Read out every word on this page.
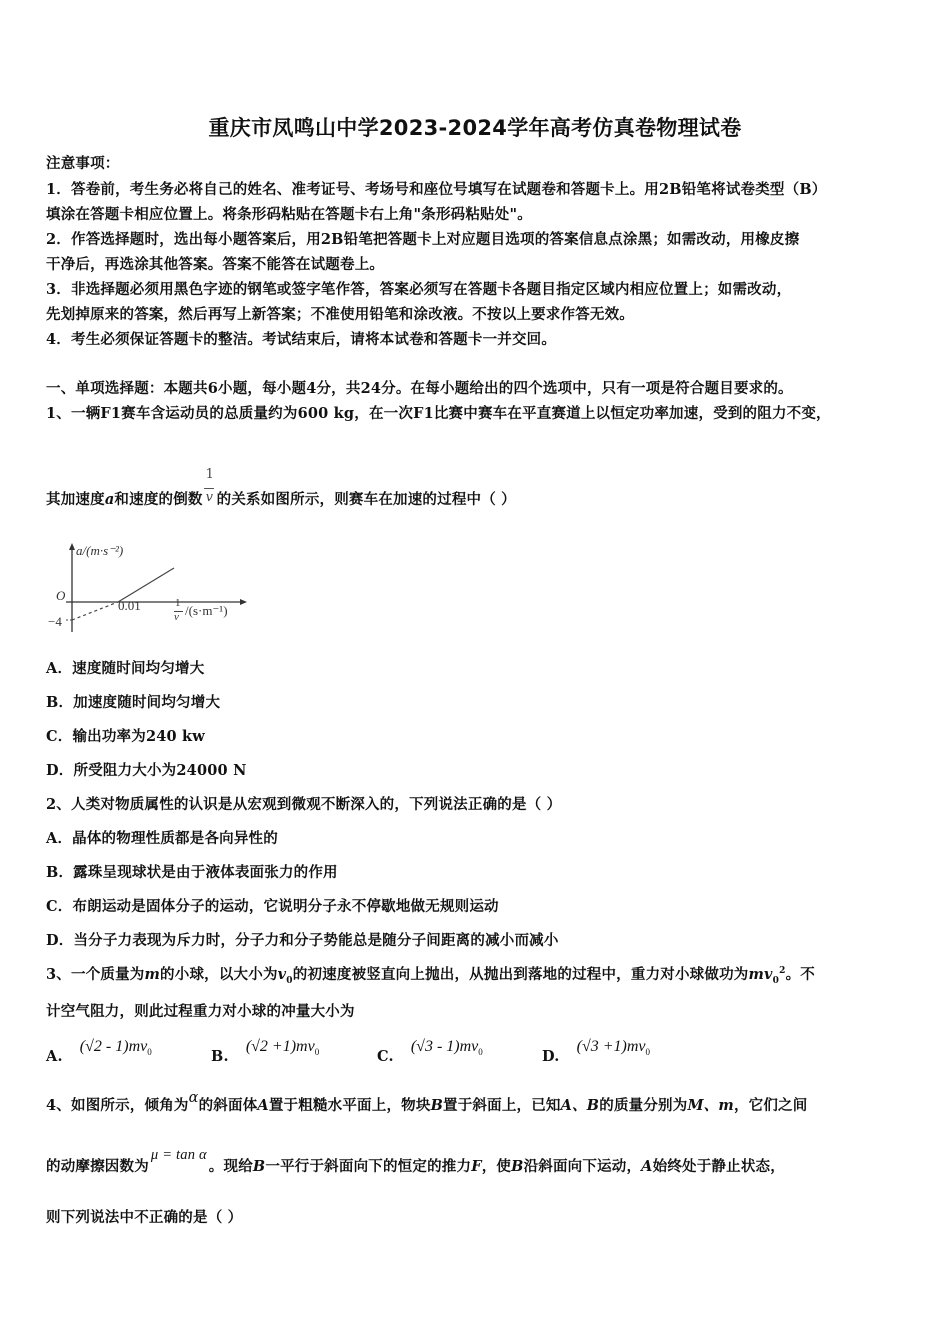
重庆市凤鸣山中学2023-2024学年高考仿真卷物理试卷
注意事项：
1．答卷前，考生务必将自己的姓名、准考证号、考场号和座位号填写在试题卷和答题卡上。用2B铅笔将试卷类型（B）
填涂在答题卡相应位置上。将条形码粘贴在答题卡右上角"条形码粘贴处"。
2．作答选择题时，选出每小题答案后，用2B铅笔把答题卡上对应题目选项的答案信息点涂黑；如需改动，用橡皮擦
干净后，再选涂其他答案。答案不能答在试题卷上。
3．非选择题必须用黑色字迹的钢笔或签字笔作答，答案必须写在答题卡各题目指定区域内相应位置上；如需改动，
先划掉原来的答案，然后再写上新答案；不准使用铅笔和涂改液。不按以上要求作答无效。
4．考生必须保证答题卡的整洁。考试结束后，请将本试卷和答题卡一并交回。
一、单项选择题：本题共6小题，每小题4分，共24分。在每小题给出的四个选项中，只有一项是符合题目要求的。
1、一辆F1赛车含运动员的总质量约为600 kg，在一次F1比赛中赛车在平直赛道上以恒定功率加速，受到的阻力不变，
其加速度a和速度的倒数 $\frac{1}{v}$ 的关系如图所示，则赛车在加速的过程中（ ）
a/(m·s⁻²)
O
−4
0.01	1
v /(s·m⁻¹)
A．速度随时间均匀增大
B．加速度随时间均匀增大
C．输出功率为240 kw
D．所受阻力大小为24000 N
2、人类对物质属性的认识是从宏观到微观不断深入的，下列说法正确的是（ ）
A．晶体的物理性质都是各向异性的
B．露珠呈现球状是由于液体表面张力的作用
C．布朗运动是固体分子的运动，它说明分子永不停歇地做无规则运动
D．当分子力表现为斥力时，分子力和分子势能总是随分子间距离的减小而减小
3、一个质量为m的小球，以大小为$v_0$的初速度被竖直向上抛出，从抛出到落地的过程中，重力对小球做功为$mv_0^2$。不
计空气阻力，则此过程重力对小球的冲量大小为
A. $(√2 - 1)mv_0$	B. $(√2 +1)mv_0$	C. $(√3 - 1)mv_0$	D. $(√3 +1)mv_0$
4、如图所示，倾角为α的斜面体A置于粗糙水平面上，物块B置于斜面上，已知A、B的质量分别为M、m，它们之间
的动摩擦因数为μ = tan α。现给B一平行于斜面向下的恒定的推力F，使B沿斜面向下运动，A始终处于静止状态，
则下列说法中不正确的是（ ）
